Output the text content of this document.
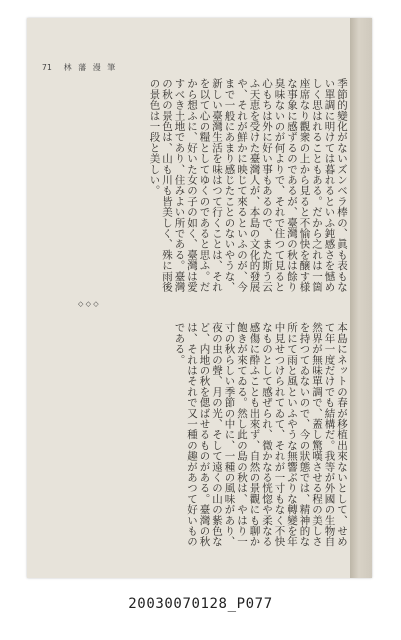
71 林 藩 漫 筆
季節的變化がないズンベラ棒の、眞も表もない單調に明けては暮れるといふ鈍感さを憾めしく思はれることもある。だから之れは一箇座席なり觀衆の上から見ると不愉快を醸す様な事象に感ずるのであるが、臺灣の秋は餘り臭味ないのが何よりで、それで住つて見ると心もちは外に好い事もあるので、また斯う云ふ天恵を受けた臺灣人が、本島の文化的發展や、それが鮮かに映じて來るといふのが、今まで一般にあまり感じたことのないやうな、新しい臺灣生活を味はつて行くことは、それを以て心の糧としてゆくのであると思ふ。だから想ふに、好いた女の子の如く、臺灣は愛すべき土地であり、住みよい所である。臺灣の秋の景色は、山も川も皆美しく、殊に雨後の景色は一段と美しい。
◇ ◇ ◇
本島にネットの春が移植出來ないとして、せめて年一度だけでも結構だ。我等が外國の生物自然界が無味單調で、蓋し驚嘆させる程の美しさを持つてゐないので、今の狀態では、精神的な所にて雨と風といふやうな無響ぶりな轉變を年中見せつけられてゐて、それが一寸もなく不快なものとして感ぜられ、微かなる恍惚や柔なる感傷に酔ふことも出來ず、自然の景觀にも聊か飽きが來てゐる。然し此の島の秋は、やはり一寸の秋らしい季節の中に、一種の風味があり、夜の虫の聲、月の光、そして遠くの山の紫色など、内地の秋を偲ばせるものがある。臺灣の秋は、それはそれで又一種の趣があつて好いものである。
20030070128_P077
